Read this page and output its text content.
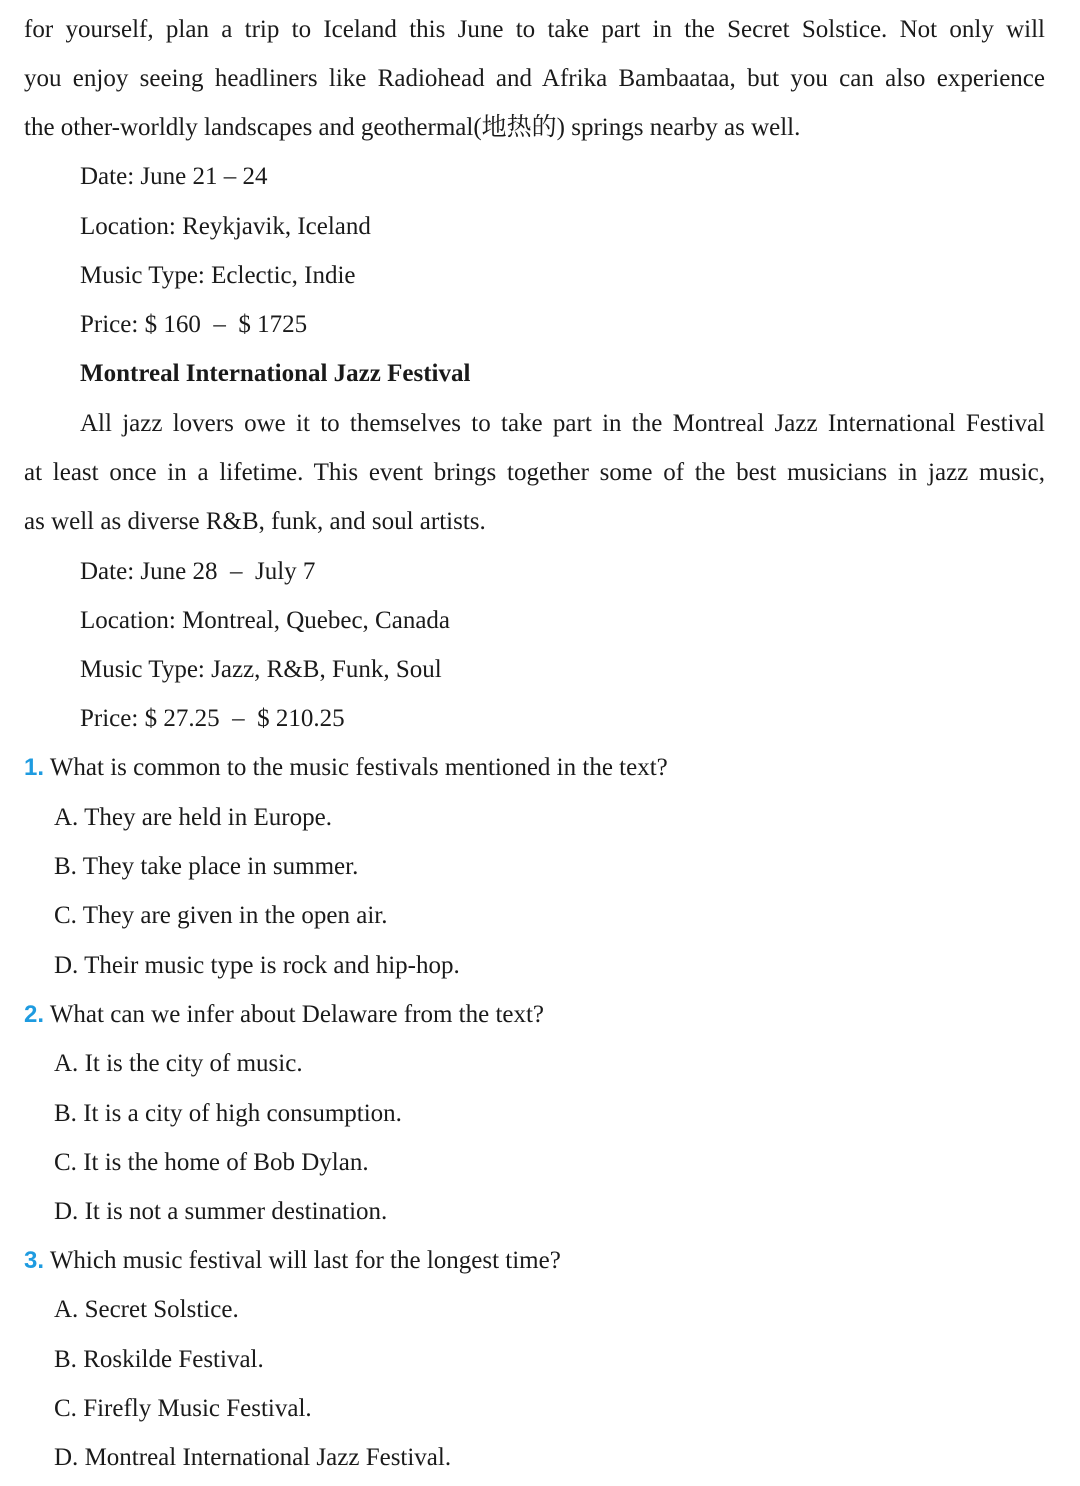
for yourself, plan a trip to Iceland this June to take part in the Secret Solstice. Not only will
you enjoy seeing headliners like Radiohead and Afrika Bambaataa, but you can also experience
the other-worldly landscapes and geothermal(地热的) springs nearby as well.
Date: June 21 – 24
Location: Reykjavik, Iceland
Music Type: Eclectic, Indie
Price: $ 160  –  $ 1725
Montreal International Jazz Festival
All jazz lovers owe it to themselves to take part in the Montreal Jazz International Festival
at least once in a lifetime. This event brings together some of the best musicians in jazz music,
as well as diverse R&B, funk, and soul artists.
Date: June 28  –  July 7
Location: Montreal, Quebec, Canada
Music Type: Jazz, R&B, Funk, Soul
Price: $ 27.25  –  $ 210.25
1. What is common to the music festivals mentioned in the text?
A. They are held in Europe.
B. They take place in summer.
C. They are given in the open air.
D. Their music type is rock and hip-hop.
2. What can we infer about Delaware from the text?
A. It is the city of music.
B. It is a city of high consumption.
C. It is the home of Bob Dylan.
D. It is not a summer destination.
3. Which music festival will last for the longest time?
A. Secret Solstice.
B. Roskilde Festival.
C. Firefly Music Festival.
D. Montreal International Jazz Festival.
